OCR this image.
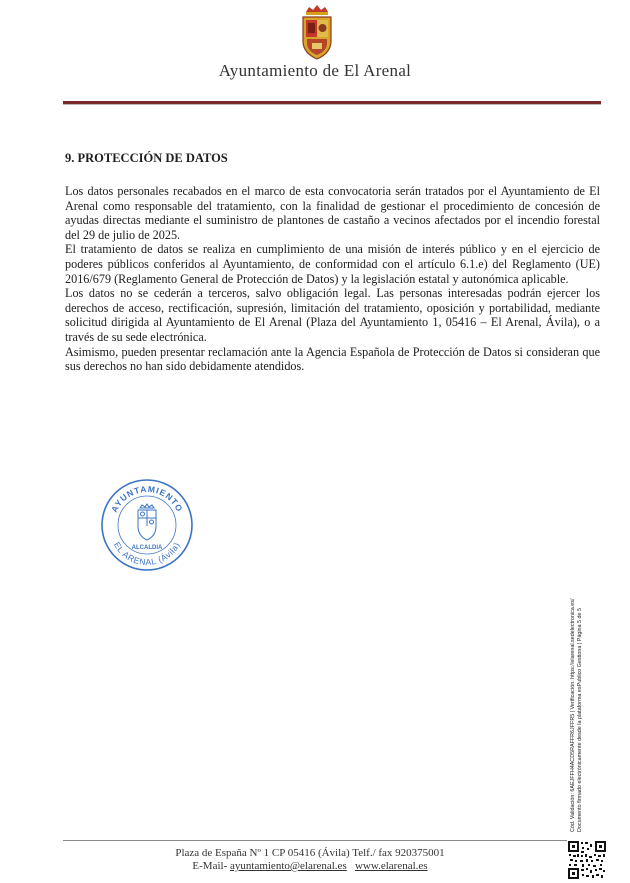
Ayuntamiento de El Arenal
9. PROTECCIÓN DE DATOS

Los datos personales recabados en el marco de esta convocatoria serán tratados por el Ayuntamiento de El Arenal como responsable del tratamiento, con la finalidad de gestionar el procedimiento de concesión de ayudas directas mediante el suministro de plantones de castaño a vecinos afectados por el incendio forestal del 29 de julio de 2025.

El tratamiento de datos se realiza en cumplimiento de una misión de interés público y en el ejercicio de poderes públicos conferidos al Ayuntamiento, de conformidad con el artículo 6.1.e) del Reglamento (UE) 2016/679 (Reglamento General de Protección de Datos) y la legislación estatal y autonómica aplicable.

Los datos no se cederán a terceros, salvo obligación legal. Las personas interesadas podrán ejercer los derechos de acceso, rectificación, supresión, limitación del tratamiento, oposición y portabilidad, mediante solicitud dirigida al Ayuntamiento de El Arenal (Plaza del Ayuntamiento 1, 05416 – El Arenal, Ávila), o a través de su sede electrónica.

Asimismo, pueden presentar reclamación ante la Agencia Española de Protección de Datos si consideran que sus derechos no han sido debidamente atendidos.

AYUNTAMIENTO
EL ARENAL (Ávila)
ALCALDIA
Cód. Validación: 6AEJFFH4ACD5RAFFR6JFFR5 | Verificación: https://elarenal.sedelectronica.es/ Documento firmado electrónicamente desde la plataforma esPublico Gestiona | Página 5 de 5
Plaza de España Nº 1 CP 05416 (Ávila) Telf./ fax 920375001
E-Mail- ayuntamiento@elarenal.es www.elarenal.es
